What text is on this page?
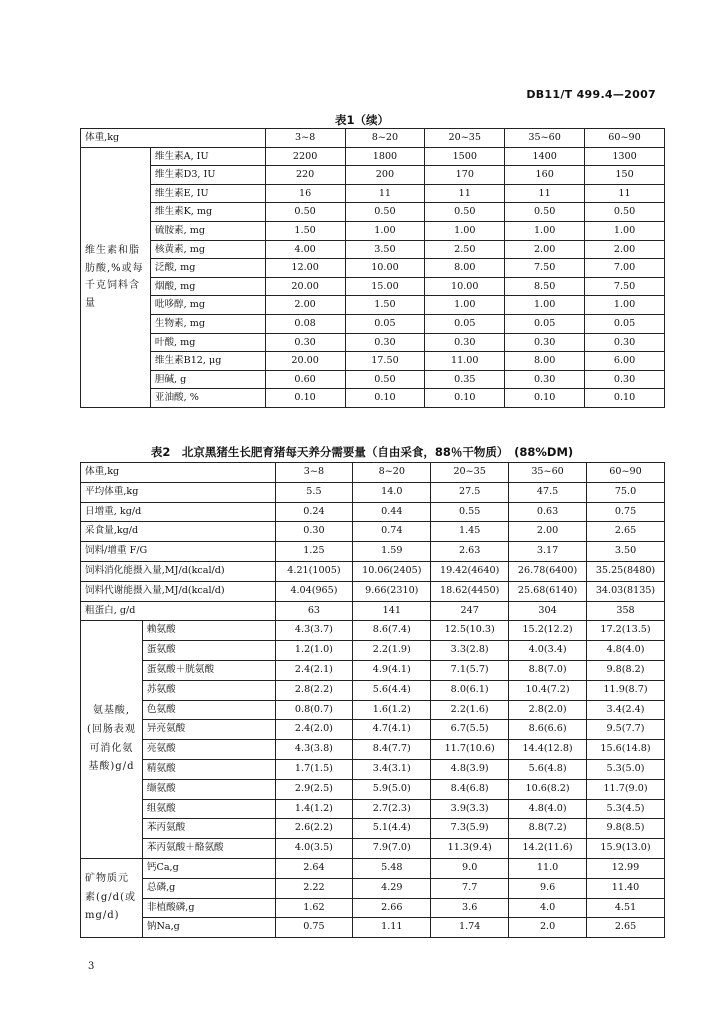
DB11/T 499.4—2007
表1（续）
体重,kg		3~8	8~20	20~35	35~60	60~90
维生素和脂肪酸,%或每千克饲料含量	维生素A, IU	2200	1800	1500	1400	1300
	维生素D3, IU	220	200	170	160	150
	维生素E, IU	16	11	11	11	11
	维生素K, mg	0.50	0.50	0.50	0.50	0.50
	硫胺素, mg	1.50	1.00	1.00	1.00	1.00
	核黄素, mg	4.00	3.50	2.50	2.00	2.00
	泛酸, mg	12.00	10.00	8.00	7.50	7.00
	烟酸, mg	20.00	15.00	10.00	8.50	7.50
	吡哆醇, mg	2.00	1.50	1.00	1.00	1.00
	生物素, mg	0.08	0.05	0.05	0.05	0.05
	叶酸, mg	0.30	0.30	0.30	0.30	0.30
	维生素B12, μg	20.00	17.50	11.00	8.00	6.00
	胆碱, g	0.60	0.50	0.35	0.30	0.30
	亚油酸, %	0.10	0.10	0.10	0.10	0.10
表2　北京黑猪生长肥育猪每天养分需要量（自由采食，88％干物质）　(88%DM)
体重,kg		3~8	8~20	20~35	35~60	60~90
平均体重,kg		5.5	14.0	27.5	47.5	75.0
日增重, kg/d		0.24	0.44	0.55	0.63	0.75
采食量,kg/d		0.30	0.74	1.45	2.00	2.65
饲料/增重 F/G		1.25	1.59	2.63	3.17	3.50
饲料消化能摄入量,MJ/d(kcal/d)		4.21(1005)	10.06(2405)	19.42(4640)	26.78(6400)	35.25(8480)
饲料代谢能摄入量,MJ/d(kcal/d)		4.04(965)	9.66(2310)	18.62(4450)	25.68(6140)	34.03(8135)
粗蛋白, g/d		63	141	247	304	358
氨基酸,(回肠表观可消化氨基酸)g/d	赖氨酸	4.3(3.7)	8.6(7.4)	12.5(10.3)	15.2(12.2)	17.2(13.5)
	蛋氨酸	1.2(1.0)	2.2(1.9)	3.3(2.8)	4.0(3.4)	4.8(4.0)
	蛋氨酸＋胱氨酸	2.4(2.1)	4.9(4.1)	7.1(5.7)	8.8(7.0)	9.8(8.2)
	苏氨酸	2.8(2.2)	5.6(4.4)	8.0(6.1)	10.4(7.2)	11.9(8.7)
	色氨酸	0.8(0.7)	1.6(1.2)	2.2(1.6)	2.8(2.0)	3.4(2.4)
	异亮氨酸	2.4(2.0)	4.7(4.1)	6.7(5.5)	8.6(6.6)	9.5(7.7)
	亮氨酸	4.3(3.8)	8.4(7.7)	11.7(10.6)	14.4(12.8)	15.6(14.8)
	精氨酸	1.7(1.5)	3.4(3.1)	4.8(3.9)	5.6(4.8)	5.3(5.0)
	缬氨酸	2.9(2.5)	5.9(5.0)	8.4(6.8)	10.6(8.2)	11.7(9.0)
	组氨酸	1.4(1.2)	2.7(2.3)	3.9(3.3)	4.8(4.0)	5.3(4.5)
	苯丙氨酸	2.6(2.2)	5.1(4.4)	7.3(5.9)	8.8(7.2)	9.8(8.5)
	苯丙氨酸＋酪氨酸	4.0(3.5)	7.9(7.0)	11.3(9.4)	14.2(11.6)	15.9(13.0)
矿物质元素(g/d(或mg/d)	钙Ca,g	2.64	5.48	9.0	11.0	12.99
	总磷,g	2.22	4.29	7.7	9.6	11.40
	非植酸磷,g	1.62	2.66	3.6	4.0	4.51
	钠Na,g	0.75	1.11	1.74	2.0	2.65
3
